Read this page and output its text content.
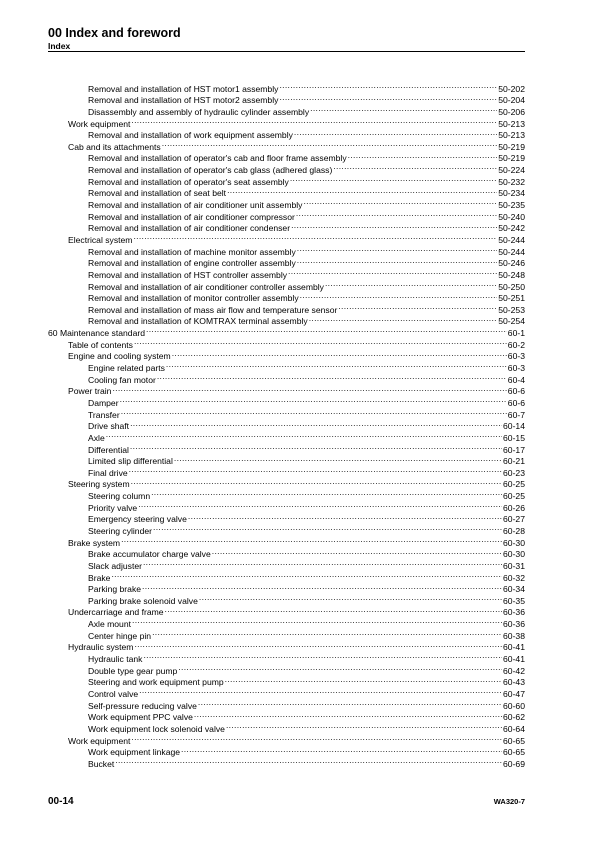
00 Index and foreword
Index
Removal and installation of HST motor1 assembly .....	50-202
Removal and installation of HST motor2 assembly .....	50-204
Disassembly and assembly of hydraulic cylinder assembly .....	50-206
Work equipment .....	50-213
Removal and installation of work equipment assembly .....	50-213
Cab and its attachments .....	50-219
Removal and installation of operator's cab and floor frame assembly .....	50-219
Removal and installation of operator's cab glass (adhered glass) .....	50-224
Removal and installation of operator's seat assembly .....	50-232
Removal and installation of seat belt .....	50-234
Removal and installation of air conditioner unit assembly .....	50-235
Removal and installation of air conditioner compressor .....	50-240
Removal and installation of air conditioner condenser .....	50-242
Electrical system .....	50-244
Removal and installation of machine monitor assembly .....	50-244
Removal and installation of engine controller assembly .....	50-246
Removal and installation of HST controller assembly .....	50-248
Removal and installation of air conditioner controller assembly .....	50-250
Removal and installation of monitor controller assembly .....	50-251
Removal and installation of mass air flow and temperature sensor .....	50-253
Removal and installation of KOMTRAX terminal assembly .....	50-254
60 Maintenance standard .....	60-1
Table of contents .....	60-2
Engine and cooling system .....	60-3
Engine related parts .....	60-3
Cooling fan motor .....	60-4
Power train .....	60-6
Damper .....	60-6
Transfer .....	60-7
Drive shaft .....	60-14
Axle .....	60-15
Differential .....	60-17
Limited slip differential .....	60-21
Final drive .....	60-23
Steering system .....	60-25
Steering column .....	60-25
Priority valve .....	60-26
Emergency steering valve .....	60-27
Steering cylinder .....	60-28
Brake system .....	60-30
Brake accumulator charge valve .....	60-30
Slack adjuster .....	60-31
Brake .....	60-32
Parking brake .....	60-34
Parking brake solenoid valve .....	60-35
Undercarriage and frame .....	60-36
Axle mount .....	60-36
Center hinge pin .....	60-38
Hydraulic system .....	60-41
Hydraulic tank .....	60-41
Double type gear pump .....	60-42
Steering and work equipment pump .....	60-43
Control valve .....	60-47
Self-pressure reducing valve .....	60-60
Work equipment PPC valve .....	60-62
Work equipment lock solenoid valve .....	60-64
Work equipment .....	60-65
Work equipment linkage .....	60-65
Bucket .....	60-69
00-14	WA320-7
